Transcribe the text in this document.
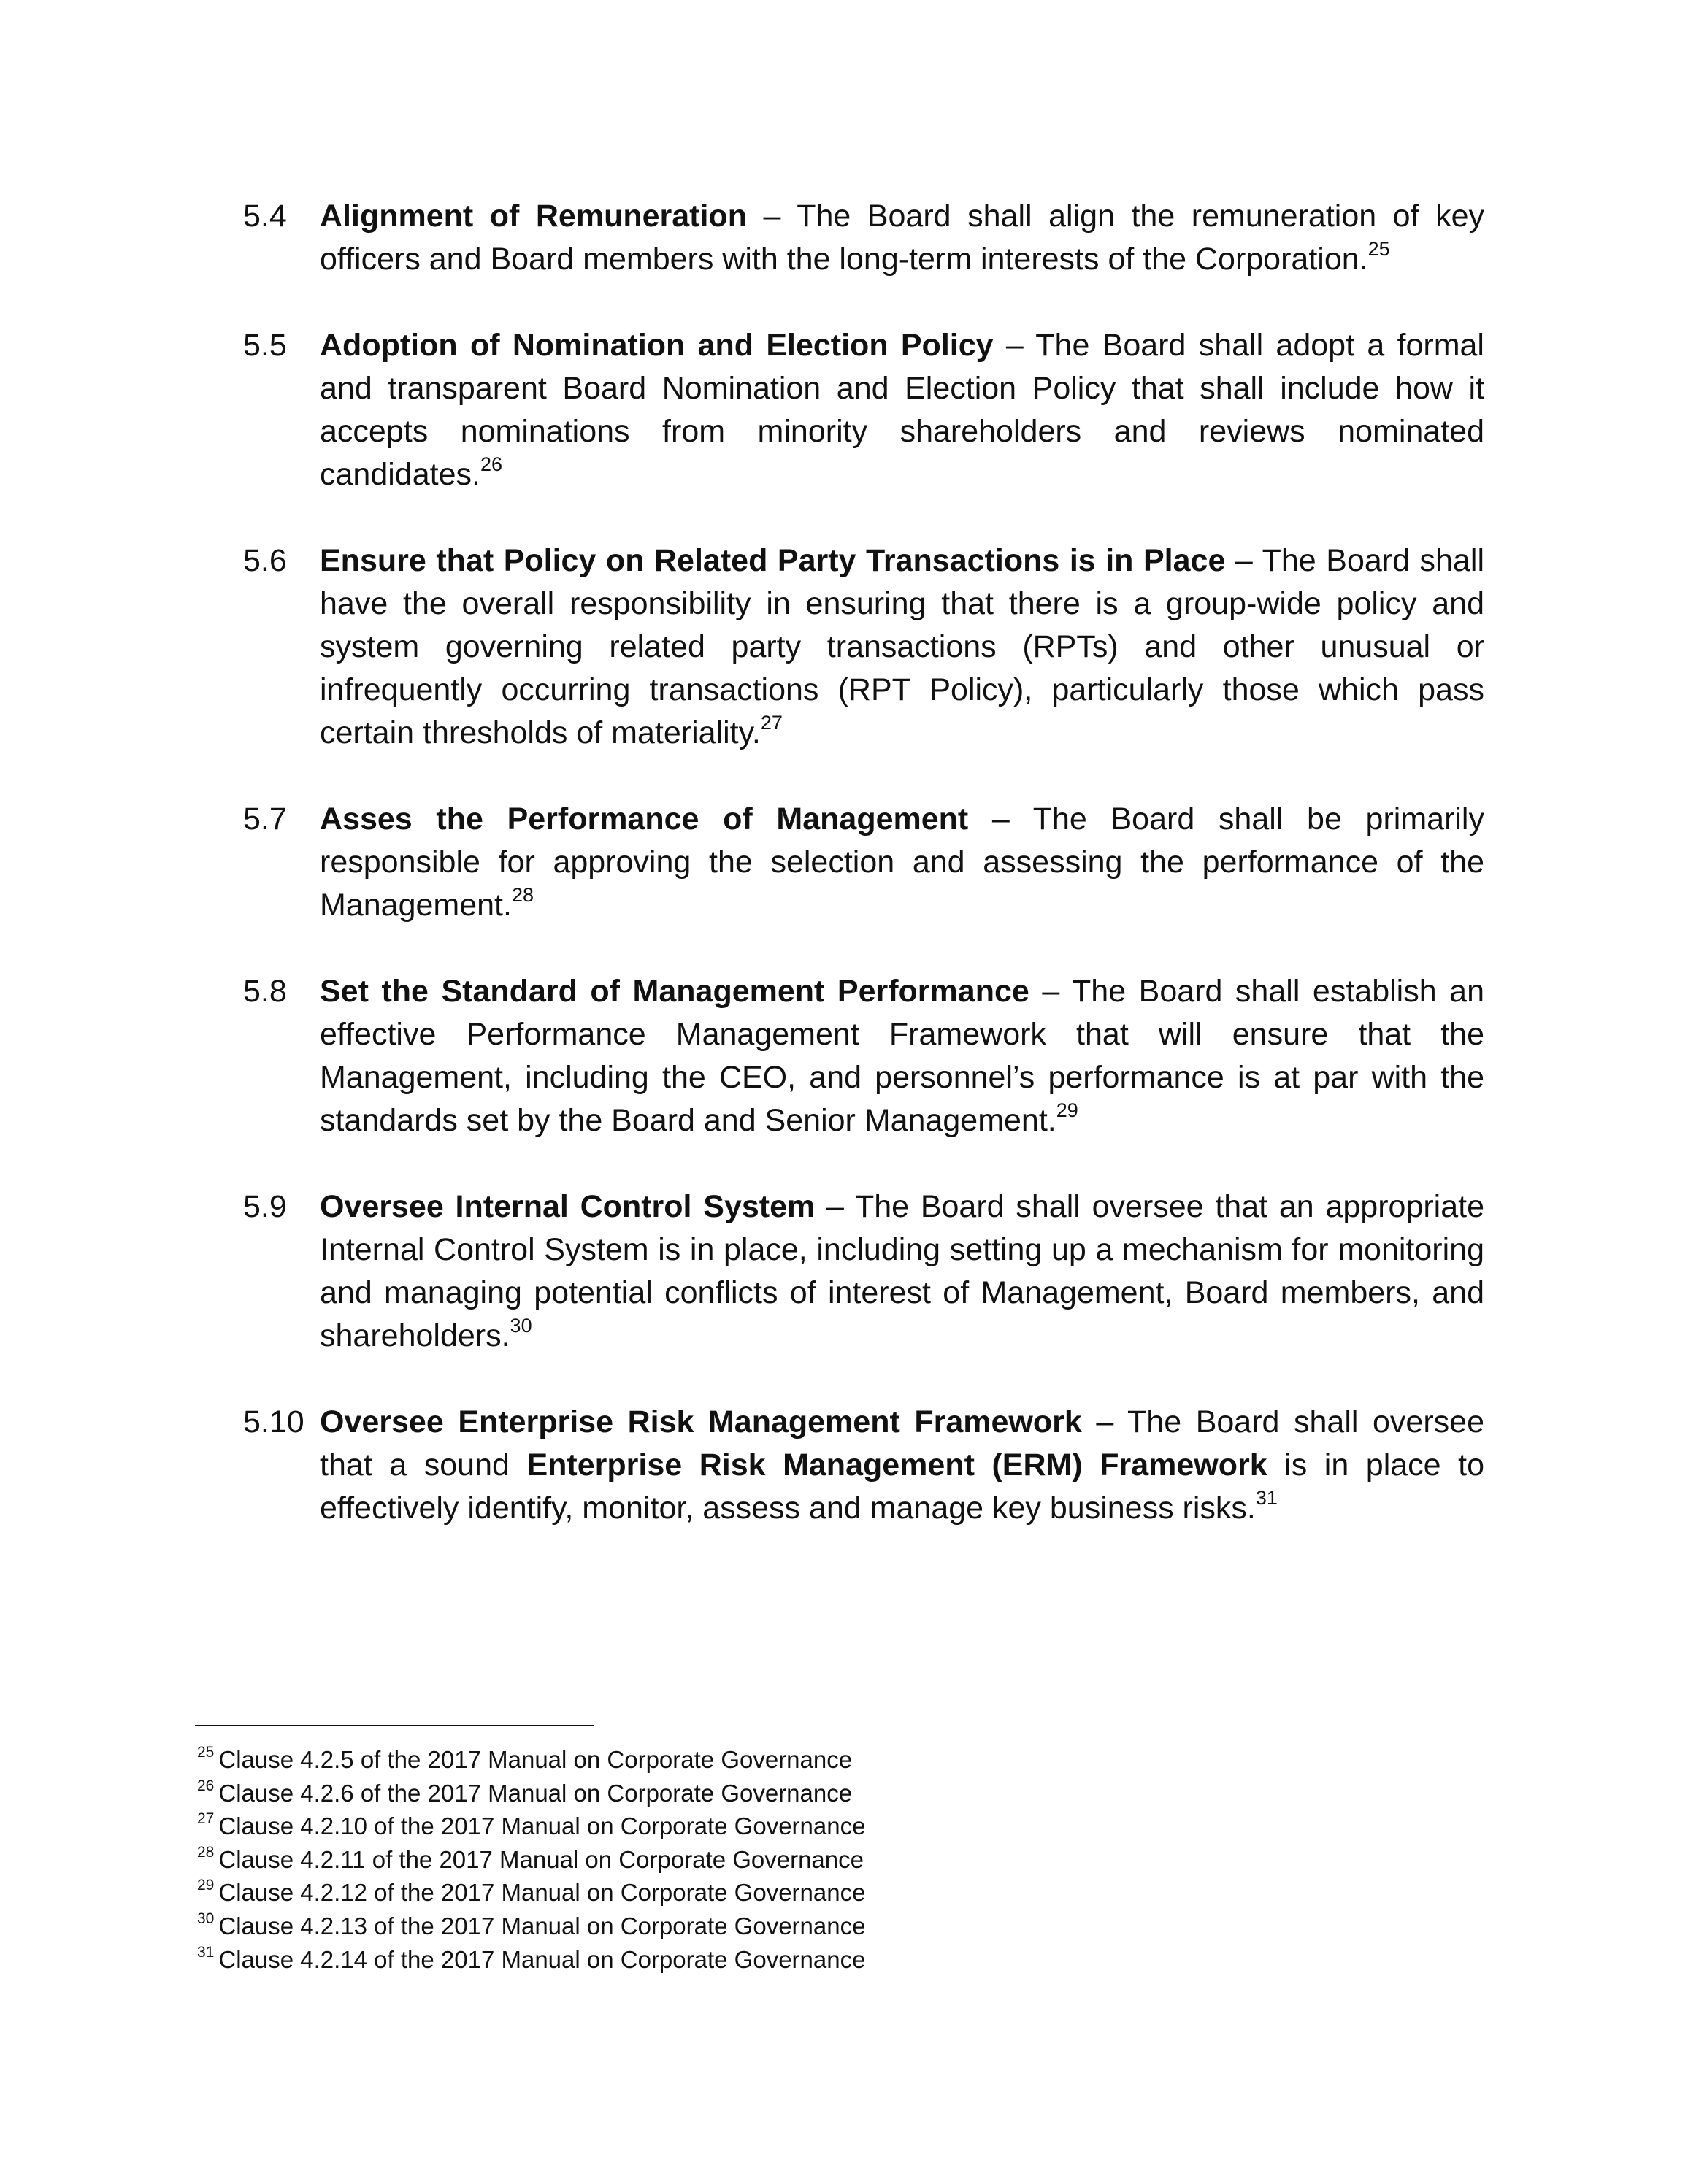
5.4	Alignment of Remuneration – The Board shall align the remuneration of key officers and Board members with the long-term interests of the Corporation.$^{25}$
5.5	Adoption of Nomination and Election Policy – The Board shall adopt a formal and transparent Board Nomination and Election Policy that shall include how it accepts nominations from minority shareholders and reviews nominated candidates.$^{26}$
5.6	Ensure that Policy on Related Party Transactions is in Place – The Board shall have the overall responsibility in ensuring that there is a group-wide policy and system governing related party transactions (RPTs) and other unusual or infrequently occurring transactions (RPT Policy), particularly those which pass certain thresholds of materiality.$^{27}$
5.7	Asses the Performance of Management – The Board shall be primarily responsible for approving the selection and assessing the performance of the Management.$^{28}$
5.8	Set the Standard of Management Performance – The Board shall establish an effective Performance Management Framework that will ensure that the Management, including the CEO, and personnel’s performance is at par with the standards set by the Board and Senior Management.$^{29}$
5.9	Oversee Internal Control System – The Board shall oversee that an appropriate Internal Control System is in place, including setting up a mechanism for monitoring and managing potential conflicts of interest of Management, Board members, and shareholders.$^{30}$
5.10 Oversee Enterprise Risk Management Framework – The Board shall oversee that a sound Enterprise Risk Management (ERM) Framework is in place to effectively identify, monitor, assess and manage key business risks.$^{31}$
$^{25}$ Clause 4.2.5 of the 2017 Manual on Corporate Governance
$^{26}$ Clause 4.2.6 of the 2017 Manual on Corporate Governance
$^{27}$ Clause 4.2.10 of the 2017 Manual on Corporate Governance
$^{28}$ Clause 4.2.11 of the 2017 Manual on Corporate Governance
$^{29}$ Clause 4.2.12 of the 2017 Manual on Corporate Governance
$^{30}$ Clause 4.2.13 of the 2017 Manual on Corporate Governance
$^{31}$ Clause 4.2.14 of the 2017 Manual on Corporate Governance
